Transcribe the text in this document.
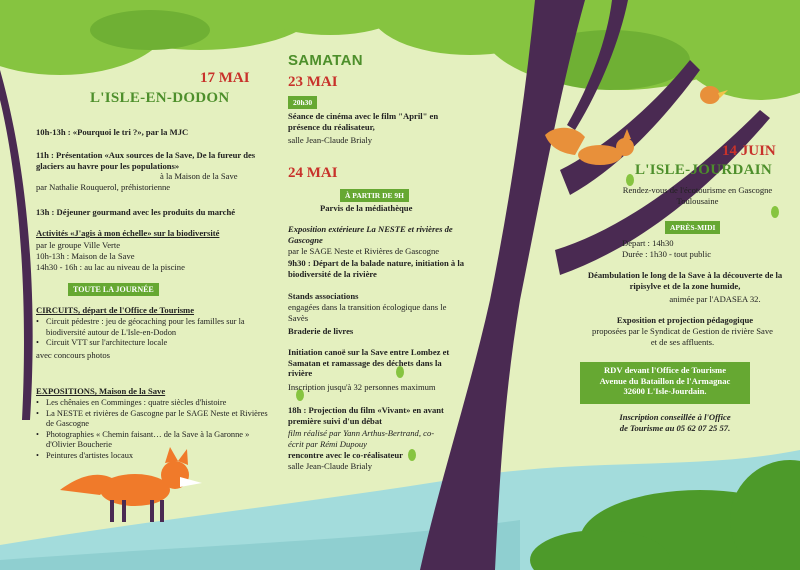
17 MAI
L'ISLE-EN-DODON
10h-13h : «Pourquoi le tri ?», par la MJC
11h : Présentation «Aux sources de la Save, De la fureur des glaciers au havre pour les populations»
à la Maison de la Save
par Nathalie Rouquerol, préhistorienne
13h : Déjeuner gourmand avec les produits du marché
Activités «J'agis à mon échelle» sur la biodiversité
par le groupe Ville Verte
10h-13h : Maison de la Save
14h30 - 16h : au lac au niveau de la piscine
TOUTE LA JOURNÉE
CIRCUITS, départ de l'Office de Tourisme
• Circuit pédestre : jeu de géocaching pour les familles sur la biodiversité autour de L'Isle-en-Dodon
• Circuit VTT sur l'architecture locale
avec concours photos
EXPOSITIONS, Maison de la Save
• Les chênaies en Comminges : quatre siècles d'histoire
• La NESTE et rivières de Gascogne par le SAGE Neste et Rivières de Gascogne
• Photographies « Chemin faisant… de la Save à la Garonne » d'Olivier Boucherie
• Peintures d'artistes locaux
SAMATAN
23 MAI
20h30
Séance de cinéma avec le film "April" en présence du réalisateur,
salle Jean-Claude Brialy
24 MAI
À PARTIR DE 9H
Parvis de la médiathèque
Exposition extérieure La NESTE et rivières de Gascogne
par le SAGE Neste et Rivières de Gascogne
9h30 : Départ de la balade nature, initiation à la biodiversité de la rivière
Stands associations
engagées dans la transition écologique dans le Savès
Braderie de livres
Initiation canoë sur la Save entre Lombez et Samatan et ramassage des déchets dans la rivière
Inscription jusqu'à 32 personnes maximum
18h : Projection du film «Vivant» en avant première suivi d'un débat
film réalisé par Yann Arthus-Bertrand, co-écrit par Rémi Dupouy
rencontre avec le co-réalisateur
salle Jean-Claude Brialy
14 JUIN
L'ISLE-JOURDAIN
Rendez-vous de l'écotourisme en Gascogne Toulousaine
APRÈS-MIDI
Départ : 14h30
Durée : 1h30 - tout public
Déambulation le long de la Save à la découverte de la ripisylve et de la zone humide,
animée par l'ADASEA 32.
Exposition et projection pédagogique
proposées par le Syndicat de Gestion de rivière Save et de ses affluents.
RDV devant l'Office de Tourisme
Avenue du Bataillon de l'Armagnac
32600 L'Isle-Jourdain.
Inscription conseillée à l'Office de Tourisme au 05 62 07 25 57.
